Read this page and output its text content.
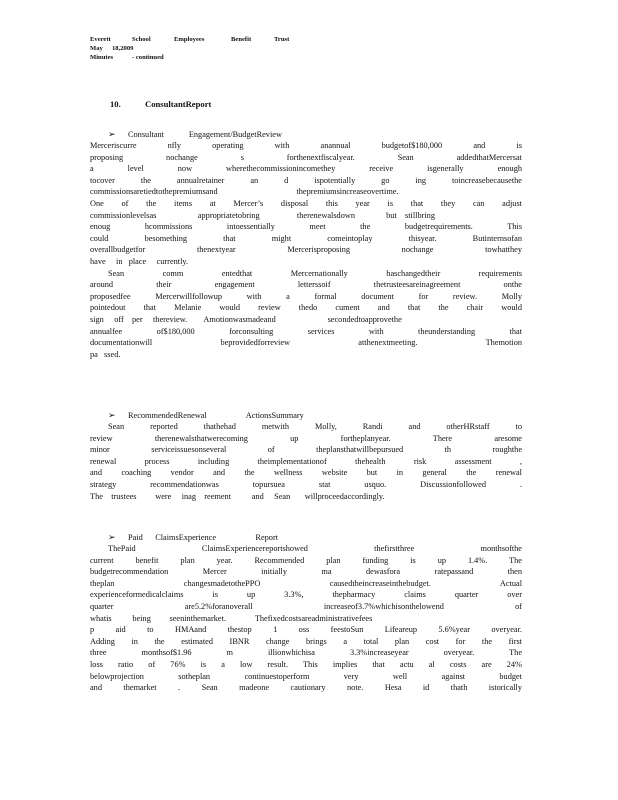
Everett	School	Employees	Benefit	Trust
May	18,2009
Minutes	- continued
10.	ConsultantReport
➢ Consultant            Engagement/BudgetReview
Merceriscurre nfly operating with anannual budgetof$180,000 and is
proposing nochange s forthenextfiscalyear. Sean addedthatMercersat
a level now wherethecommissionincomethey receive isgenerally enough
tocover the annualretainer an d ispotentially go ing toincreasebecausethe
commissionsaretiedtothepremiumsand                                      thepremiumsincreaseovertime.
One of the items at Mercer’s disposal this year is that they can adjust
commissionlevelsas                    appropriatetobring                  therenewalsdown               but    stillbring
enoug hcommissions intoessentially meet the budgetrequirements. This
could besomething that might comeintoplay thisyear. Butinternsofan
overallbudgetfor thenextyear Mercerisproposing nochange towhatthey
have     in   place     currently.
Sean comm entedthat Mercernationally haschangedtheir requirements
around their engagement letterssoif thetrusteesareinagreement onthe
proposedfee Mercerwillfollowup with a formal document for review. Molly
pointedout that Melanie would review thedo cument and that the chair would
sign     off    per     thereview.        Amotionwasmadeand                         secondedtoapprovethe
annualfee of$180,000 forconsulting services with theunderstanding that
documentationwill beprovidedforreview atthenextmeeting. Themotion
pa   ssed.
➢ RecommendedRenewal                   ActionsSummary
Sean reported thathehad metwith Molly, Randi and otherHRstaff to
review therenewalsthatwerecoming up fortheplanyear. There aresome
minor serviceissuesonseveral of theplansthatwillbepursued th roughthe
renewal process including theimplementationof thehealth risk assessment ,
and coaching vendor and the wellness website but in general the renewal
strategy recommendationwas topursuea stat usquo. Discussionfollowed .
The    trustees         were     inag    reement          and     Sean       willproceedaccordingly.
➢ Paid      ClaimsExperience                   Report
ThePaid ClaimsExperiencereportshowed thefirstthree monthsofthe
current benefit plan year. Recommended plan funding is up 1.4%. The
budgetrecommendation Mercer initially ma dewasfora ratepassand then
theplan changesmadetothePPO causedtheincreaseinthebudget. Actual
experienceformedicalclaims is up 3.3%, thepharmacy claims quarter over
quarter are5.2%foranoverall increaseof3.7%whichisonthelowend of
whatis          being         seeninthemarket.              Thefixedcostsareadministrativefees
p aid to HMAand thestop 1 oss feestoSun Lifeareup 5.6%year overyear.
Adding in the estimated IBNR change brings a total plan cost for the first
three monthsof$1.96 m illionwhichisa 3.3%increaseyear overyear. The
loss ratio of 76% is a low result. This implies that actu al costs are 24%
belowprojection sotheplan continuestoperform very well against budget
and themarket . Sean madeone cautionary note. Hesa id thath istorically
